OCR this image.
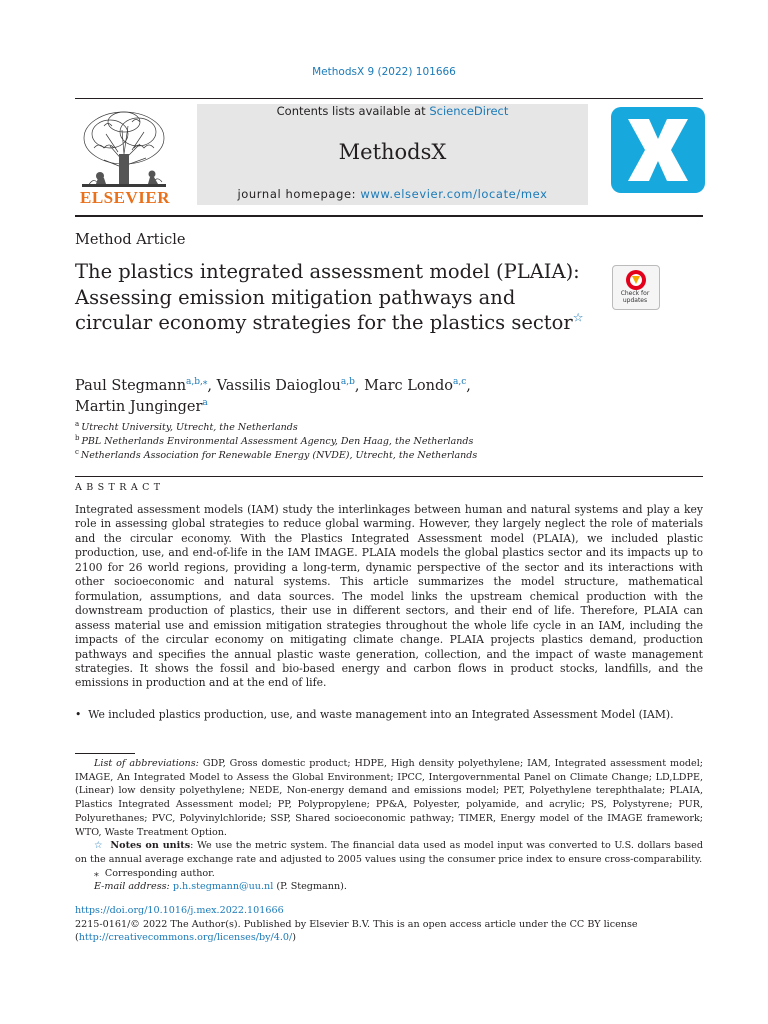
MethodsX 9 (2022) 101666
ELSEVIER
Contents lists available at ScienceDirect
MethodsX
journal homepage: www.elsevier.com/locate/mex
Method Article
The plastics integrated assessment model (PLAIA): Assessing emission mitigation pathways and circular economy strategies for the plastics sector☆
Check for updates
Paul Stegmann$^{a,b,⁎}$, Vassilis Daioglou$^{a,b}$, Marc Londo$^{a,c}$,
Martin Junginger$^a$
$^a$ Utrecht University, Utrecht, the Netherlands
$^b$ PBL Netherlands Environmental Assessment Agency, Den Haag, the Netherlands
$^c$ Netherlands Association for Renewable Energy (NVDE), Utrecht, the Netherlands
ABSTRACT

Integrated assessment models (IAM) study the interlinkages between human and natural systems and play a key role in assessing global strategies to reduce global warming. However, they largely neglect the role of materials and the circular economy. With the Plastics Integrated Assessment model (PLAIA), we included plastic production, use, and end-of-life in the IAM IMAGE. PLAIA models the global plastics sector and its impacts up to 2100 for 26 world regions, providing a long-term, dynamic perspective of the sector and its interactions with other socioeconomic and natural systems. This article summarizes the model structure, mathematical formulation, assumptions, and data sources. The model links the upstream chemical production with the downstream production of plastics, their use in different sectors, and their end of life. Therefore, PLAIA can assess material use and emission mitigation strategies throughout the whole life cycle in an IAM, including the impacts of the circular economy on mitigating climate change. PLAIA projects plastics demand, production pathways and specifies the annual plastic waste generation, collection, and the impact of waste management strategies. It shows the fossil and bio-based energy and carbon flows in product stocks, landfills, and the emissions in production and at the end of life.

•  We included plastics production, use, and waste management into an Integrated Assessment Model (IAM).
List of abbreviations: GDP, Gross domestic product; HDPE, High density polyethylene; IAM, Integrated assessment model; IMAGE, An Integrated Model to Assess the Global Environment; IPCC, Intergovernmental Panel on Climate Change; LD,LDPE, (Linear) low density polyethylene; NEDE, Non-energy demand and emissions model; PET, Polyethylene terephthalate; PLAIA, Plastics Integrated Assessment model; PP, Polypropylene; PP&A, Polyester, polyamide, and acrylic; PS, Polystyrene; PUR, Polyurethanes; PVC, Polyvinylchloride; SSP, Shared socioeconomic pathway; TIMER, Energy model of the IMAGE framework; WTO, Waste Treatment Option.
☆ Notes on units: We use the metric system. The financial data used as model input was converted to U.S. dollars based on the annual average exchange rate and adjusted to 2005 values using the consumer price index to ensure cross-comparability.
⁎ Corresponding author.
E-mail address: p.h.stegmann@uu.nl (P. Stegmann).
https://doi.org/10.1016/j.mex.2022.101666
2215-0161/© 2022 The Author(s). Published by Elsevier B.V. This is an open access article under the CC BY license
(http://creativecommons.org/licenses/by/4.0/)
